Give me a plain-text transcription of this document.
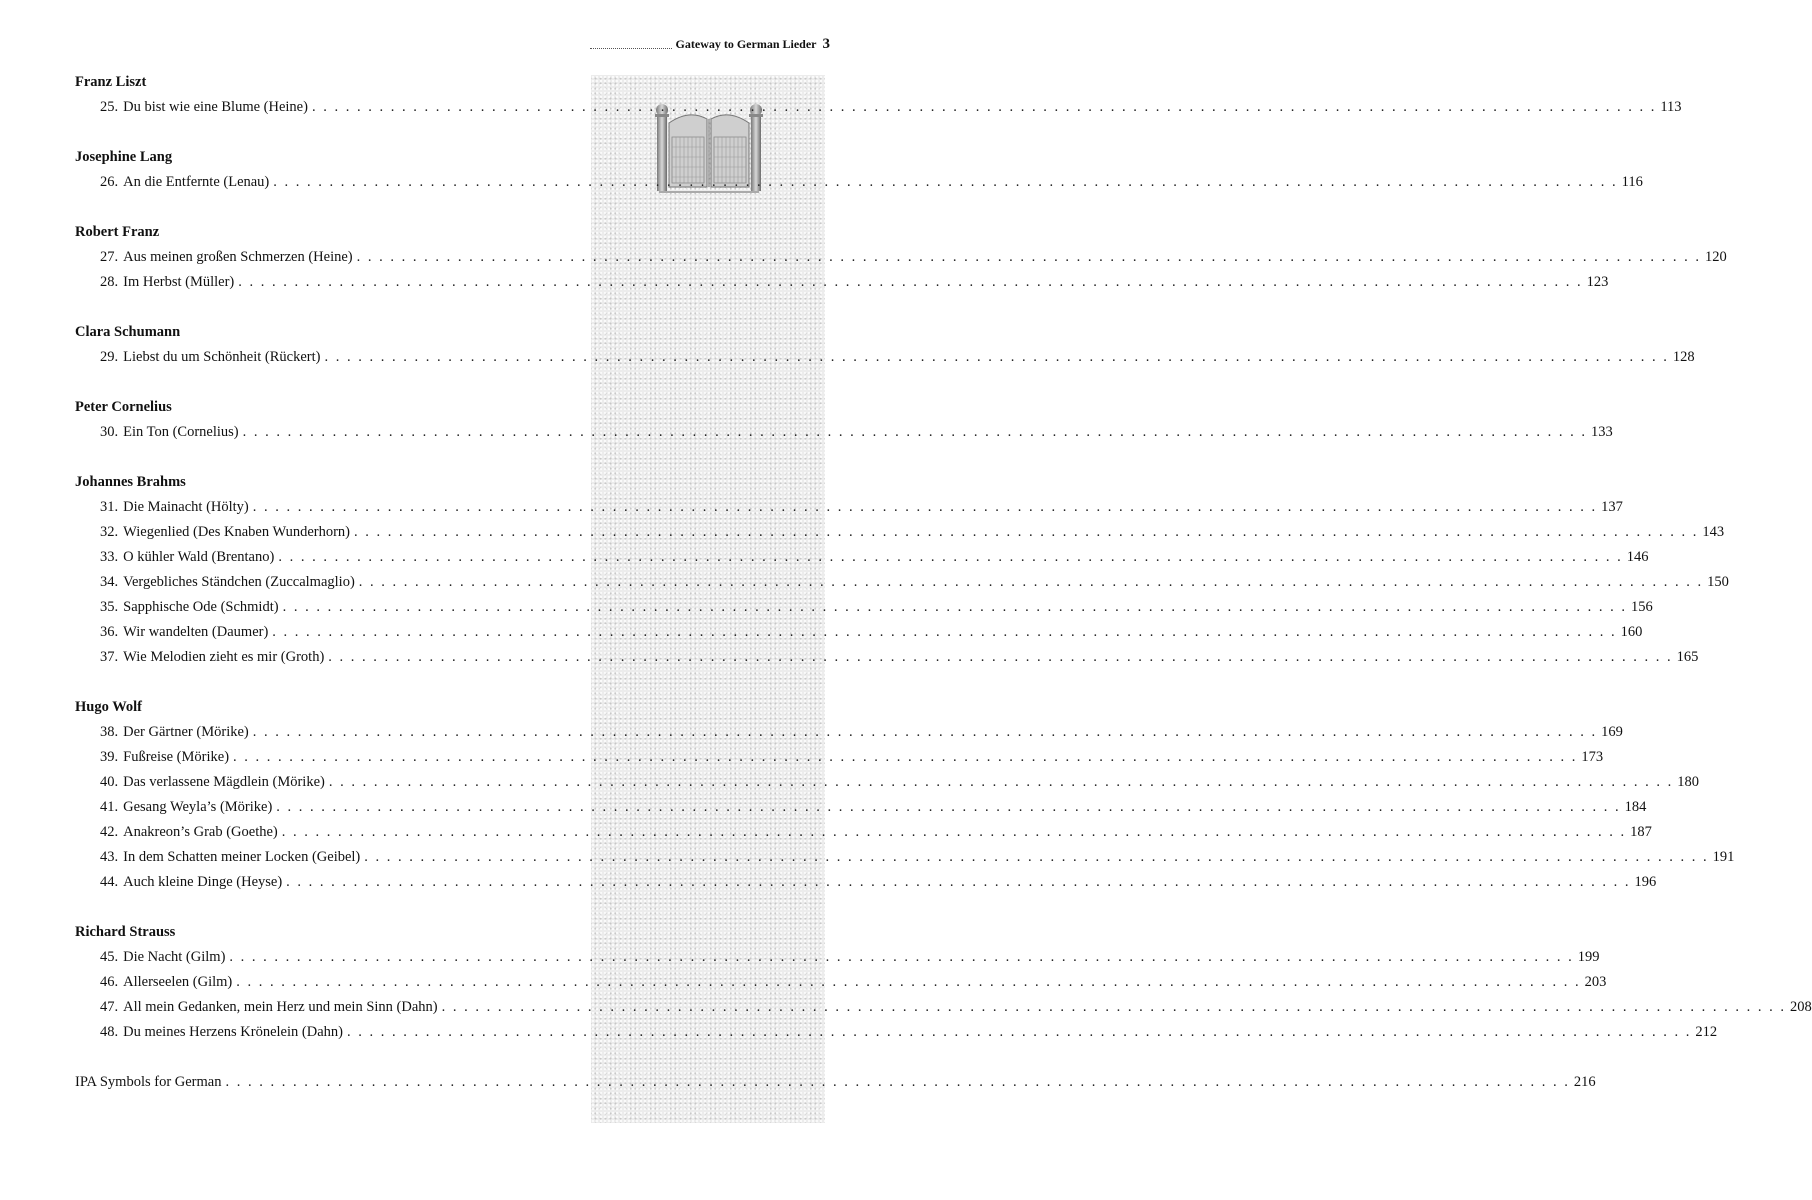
Gateway to German Lieder 3
Franz Liszt
25. Du bist wie eine Blume (Heine) . . . . . . . . . . . . . . . . . . . . . . . . . . . . . . . . . . . . . . . . . . . . . . . . . . . . . . . . . . . . . . . . . . . . . . . . . . . . . . . . . . . . . . . . . . . . . . . . . . . . . . . . . . . . . . . . . . . . . . . . 113
Josephine Lang
26. An die Entfernte (Lenau) . . . . . . . . . . . . . . . . . . . . . . . . . . . . . . . . . . . . . . . . . . . . . . . . . . . . . . . . . . . . . . . . . . . . . . . . . . . . . . . . . . . . . . . . . . . . . . . . . . . . . . . . . . . . . . . . . . . . . . . . 116
Robert Franz
27. Aus meinen großen Schmerzen (Heine) . . . . . . . . . . . . . . . . . . . . . . . . . . . . . . . . . . . . . . . . . . . . . . . . . . . . . . . . . . . . . . . . . . . . . . . . . . . . . . . . . . . . . . . . . . . . . . . . . . . . . . . . . . . . . . . . . . . . . . . . 120
28. Im Herbst (Müller) . . . . . . . . . . . . . . . . . . . . . . . . . . . . . . . . . . . . . . . . . . . . . . . . . . . . . . . . . . . . . . . . . . . . . . . . . . . . . . . . . . . . . . . . . . . . . . . . . . . . . . . . . . . . . . . . . . . . . . . . 123
Clara Schumann
29. Liebst du um Schönheit (Rückert) . . . . . . . . . . . . . . . . . . . . . . . . . . . . . . . . . . . . . . . . . . . . . . . . . . . . . . . . . . . . . . . . . . . . . . . . . . . . . . . . . . . . . . . . . . . . . . . . . . . . . . . . . . . . . . . . . . . . . . . . 128
Peter Cornelius
30. Ein Ton (Cornelius) . . . . . . . . . . . . . . . . . . . . . . . . . . . . . . . . . . . . . . . . . . . . . . . . . . . . . . . . . . . . . . . . . . . . . . . . . . . . . . . . . . . . . . . . . . . . . . . . . . . . . . . . . . . . . . . . . . . . . . . . 133
Johannes Brahms
31. Die Mainacht (Hölty) . . . . . . . . . . . . . . . . . . . . . . . . . . . . . . . . . . . . . . . . . . . . . . . . . . . . . . . . . . . . . . . . . . . . . . . . . . . . . . . . . . . . . . . . . . . . . . . . . . . . . . . . . . . . . . . . . . . . . . . . 137
32. Wiegenlied (Des Knaben Wunderhorn) . . . . . . . . . . . . . . . . . . . . . . . . . . . . . . . . . . . . . . . . . . . . . . . . . . . . . . . . . . . . . . . . . . . . . . . . . . . . . . . . . . . . . . . . . . . . . . . . . . . . . . . . . . . . . . . . . . . . . . . . 143
33. O kühler Wald (Brentano) . . . . . . . . . . . . . . . . . . . . . . . . . . . . . . . . . . . . . . . . . . . . . . . . . . . . . . . . . . . . . . . . . . . . . . . . . . . . . . . . . . . . . . . . . . . . . . . . . . . . . . . . . . . . . . . . . . . . . . . . 146
34. Vergebliches Ständchen (Zuccalmaglio) . . . . . . . . . . . . . . . . . . . . . . . . . . . . . . . . . . . . . . . . . . . . . . . . . . . . . . . . . . . . . . . . . . . . . . . . . . . . . . . . . . . . . . . . . . . . . . . . . . . . . . . . . . . . . . . . . . . . . . . . 150
35. Sapphische Ode (Schmidt) . . . . . . . . . . . . . . . . . . . . . . . . . . . . . . . . . . . . . . . . . . . . . . . . . . . . . . . . . . . . . . . . . . . . . . . . . . . . . . . . . . . . . . . . . . . . . . . . . . . . . . . . . . . . . . . . . . . . . . . . 156
36. Wir wandelten (Daumer) . . . . . . . . . . . . . . . . . . . . . . . . . . . . . . . . . . . . . . . . . . . . . . . . . . . . . . . . . . . . . . . . . . . . . . . . . . . . . . . . . . . . . . . . . . . . . . . . . . . . . . . . . . . . . . . . . . . . . . . . 160
37. Wie Melodien zieht es mir (Groth) . . . . . . . . . . . . . . . . . . . . . . . . . . . . . . . . . . . . . . . . . . . . . . . . . . . . . . . . . . . . . . . . . . . . . . . . . . . . . . . . . . . . . . . . . . . . . . . . . . . . . . . . . . . . . . . . . . . . . . . . 165
Hugo Wolf
38. Der Gärtner (Mörike) . . . . . . . . . . . . . . . . . . . . . . . . . . . . . . . . . . . . . . . . . . . . . . . . . . . . . . . . . . . . . . . . . . . . . . . . . . . . . . . . . . . . . . . . . . . . . . . . . . . . . . . . . . . . . . . . . . . . . . . . 169
39. Fußreise (Mörike) . . . . . . . . . . . . . . . . . . . . . . . . . . . . . . . . . . . . . . . . . . . . . . . . . . . . . . . . . . . . . . . . . . . . . . . . . . . . . . . . . . . . . . . . . . . . . . . . . . . . . . . . . . . . . . . . . . . . . . . . 173
40. Das verlassene Mägdlein (Mörike) . . . . . . . . . . . . . . . . . . . . . . . . . . . . . . . . . . . . . . . . . . . . . . . . . . . . . . . . . . . . . . . . . . . . . . . . . . . . . . . . . . . . . . . . . . . . . . . . . . . . . . . . . . . . . . . . . . . . . . . . 180
41. Gesang Weyla’s (Mörike) . . . . . . . . . . . . . . . . . . . . . . . . . . . . . . . . . . . . . . . . . . . . . . . . . . . . . . . . . . . . . . . . . . . . . . . . . . . . . . . . . . . . . . . . . . . . . . . . . . . . . . . . . . . . . . . . . . . . . . . . 184
42. Anakreon’s Grab (Goethe) . . . . . . . . . . . . . . . . . . . . . . . . . . . . . . . . . . . . . . . . . . . . . . . . . . . . . . . . . . . . . . . . . . . . . . . . . . . . . . . . . . . . . . . . . . . . . . . . . . . . . . . . . . . . . . . . . . . . . . . . 187
43. In dem Schatten meiner Locken (Geibel) . . . . . . . . . . . . . . . . . . . . . . . . . . . . . . . . . . . . . . . . . . . . . . . . . . . . . . . . . . . . . . . . . . . . . . . . . . . . . . . . . . . . . . . . . . . . . . . . . . . . . . . . . . . . . . . . . . . . . . . . 191
44. Auch kleine Dinge (Heyse) . . . . . . . . . . . . . . . . . . . . . . . . . . . . . . . . . . . . . . . . . . . . . . . . . . . . . . . . . . . . . . . . . . . . . . . . . . . . . . . . . . . . . . . . . . . . . . . . . . . . . . . . . . . . . . . . . . . . . . . . 196
Richard Strauss
45. Die Nacht (Gilm) . . . . . . . . . . . . . . . . . . . . . . . . . . . . . . . . . . . . . . . . . . . . . . . . . . . . . . . . . . . . . . . . . . . . . . . . . . . . . . . . . . . . . . . . . . . . . . . . . . . . . . . . . . . . . . . . . . . . . . . . 199
46. Allerseelen (Gilm) . . . . . . . . . . . . . . . . . . . . . . . . . . . . . . . . . . . . . . . . . . . . . . . . . . . . . . . . . . . . . . . . . . . . . . . . . . . . . . . . . . . . . . . . . . . . . . . . . . . . . . . . . . . . . . . . . . . . . . . . 203
47. All mein Gedanken, mein Herz und mein Sinn (Dahn) . . . . . . . . . . . . . . . . . . . . . . . . . . . . . . . . . . . . . . . . . . . . . . . . . . . . . . . . . . . . . . . . . . . . . . . . . . . . . . . . . . . . . . . . . . . . . . . . . . . . . . . . . . . . . . . . . . . . . . . . 208
48. Du meines Herzens Krönelein (Dahn) . . . . . . . . . . . . . . . . . . . . . . . . . . . . . . . . . . . . . . . . . . . . . . . . . . . . . . . . . . . . . . . . . . . . . . . . . . . . . . . . . . . . . . . . . . . . . . . . . . . . . . . . . . . . . . . . . . . . . . . . 212
IPA Symbols for German . . . . . . . . . . . . . . . . . . . . . . . . . . . . . . . . . . . . . . . . . . . . . . . . . . . . . . . . . . . . . . . . . . . . . . . . . . . . . . . . . . . . . . . . . . . . . . . . . . . . . . . . . . . . . . . . . . . . . . . . 216
